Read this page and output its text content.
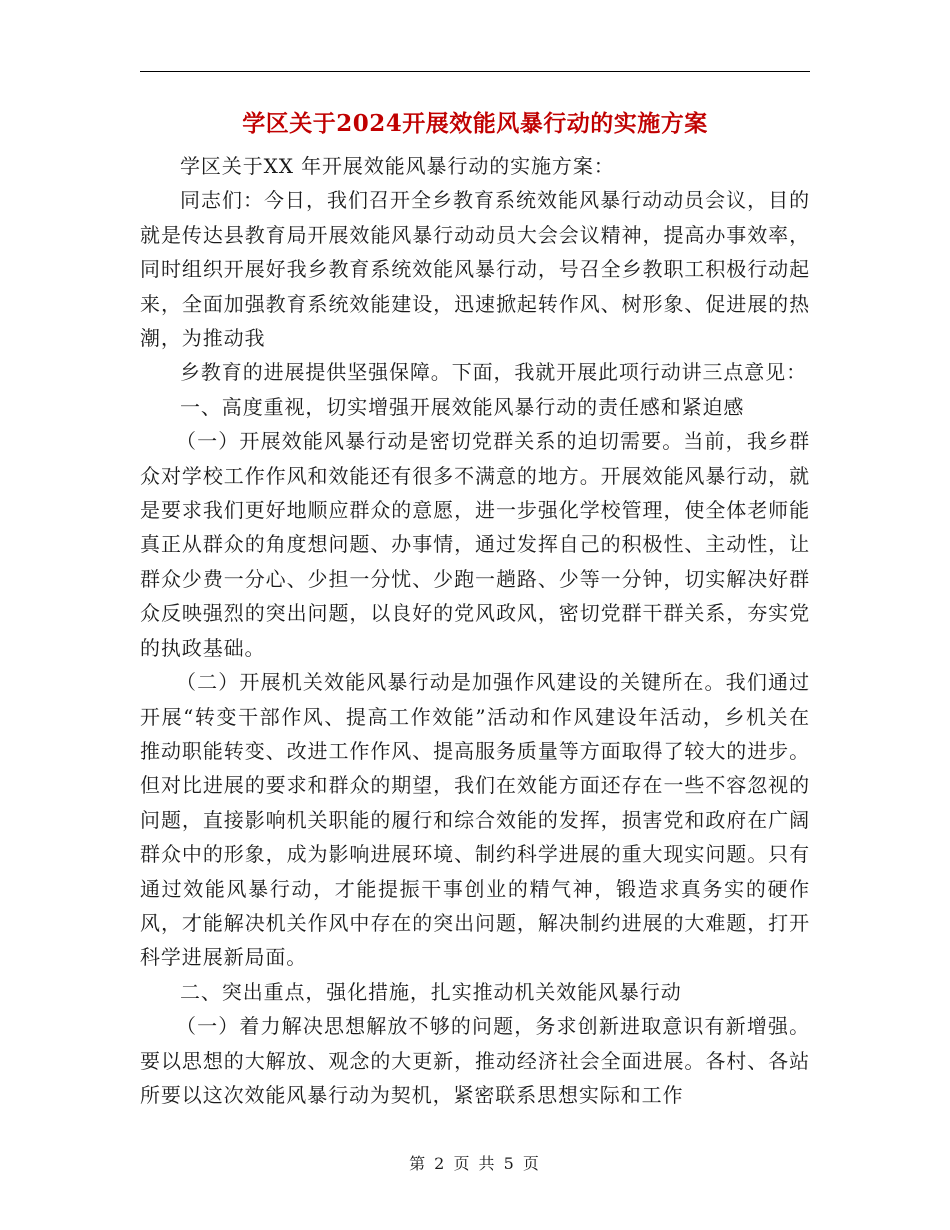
学区关于2024开展效能风暴行动的实施方案

学区关于XX 年开展效能风暴行动的实施方案：

同志们：今日，我们召开全乡教育系统效能风暴行动动员会议，目的就是传达县教育局开展效能风暴行动动员大会会议精神，提高办事效率，同时组织开展好我乡教育系统效能风暴行动，号召全乡教职工积极行动起来，全面加强教育系统效能建设，迅速掀起转作风、树形象、促进展的热潮，为推动我

乡教育的进展提供坚强保障。下面，我就开展此项行动讲三点意见：

一、高度重视，切实增强开展效能风暴行动的责任感和紧迫感

（一）开展效能风暴行动是密切党群关系的迫切需要。当前，我乡群众对学校工作作风和效能还有很多不满意的地方。开展效能风暴行动，就是要求我们更好地顺应群众的意愿，进一步强化学校管理，使全体老师能真正从群众的角度想问题、办事情，通过发挥自己的积极性、主动性，让群众少费一分心、少担一分忧、少跑一趟路、少等一分钟，切实解决好群众反映强烈的突出问题，以良好的党风政风，密切党群干群关系，夯实党的执政基础。

（二）开展机关效能风暴行动是加强作风建设的关键所在。我们通过开展“转变干部作风、提高工作效能”活动和作风建设年活动，乡机关在推动职能转变、改进工作作风、提高服务质量等方面取得了较大的进步。但对比进展的要求和群众的期望，我们在效能方面还存在一些不容忽视的问题，直接影响机关职能的履行和综合效能的发挥，损害党和政府在广阔群众中的形象，成为影响进展环境、制约科学进展的重大现实问题。只有通过效能风暴行动，才能提振干事创业的精气神，锻造求真务实的硬作风，才能解决机关作风中存在的突出问题，解决制约进展的大难题，打开科学进展新局面。

二、突出重点，强化措施，扎实推动机关效能风暴行动

（一）着力解决思想解放不够的问题，务求创新进取意识有新增强。要以思想的大解放、观念的大更新，推动经济社会全面进展。各村、各站所要以这次效能风暴行动为契机，紧密联系思想实际和工作

第 2 页 共 5 页
